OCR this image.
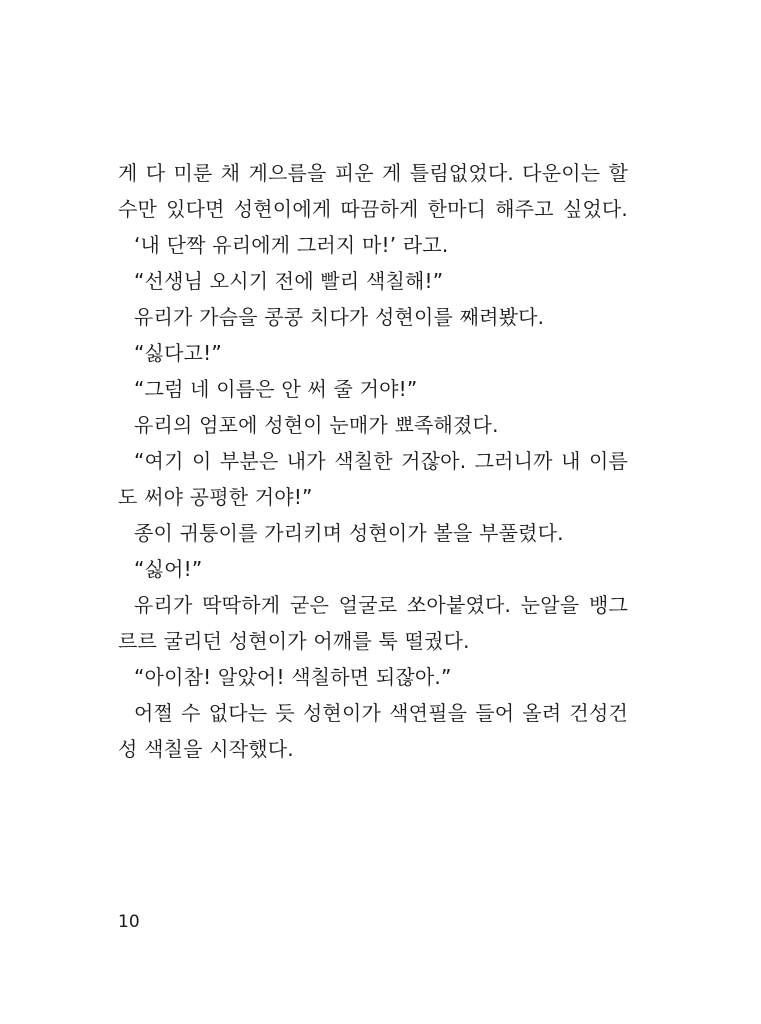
게 다 미룬 채 게으름을 피운 게 틀림없었다. 다운이는 할
수만 있다면 성현이에게 따끔하게 한마디 해주고 싶었다.
‘내 단짝 유리에게 그러지 마!’ 라고.
“선생님 오시기 전에 빨리 색칠해!”
유리가 가슴을 콩콩 치다가 성현이를 째려봤다.
“싫다고!”
“그럼 네 이름은 안 써 줄 거야!”
유리의 엄포에 성현이 눈매가 뾰족해졌다.
“여기 이 부분은 내가 색칠한 거잖아. 그러니까 내 이름
도 써야 공평한 거야!”
종이 귀퉁이를 가리키며 성현이가 볼을 부풀렸다.
“싫어!”
유리가 딱딱하게 굳은 얼굴로 쏘아붙였다. 눈알을 뱅그
르르 굴리던 성현이가 어깨를 툭 떨궜다.
“아이참! 알았어! 색칠하면 되잖아.”
어쩔 수 없다는 듯 성현이가 색연필을 들어 올려 건성건
성 색칠을 시작했다.
10
